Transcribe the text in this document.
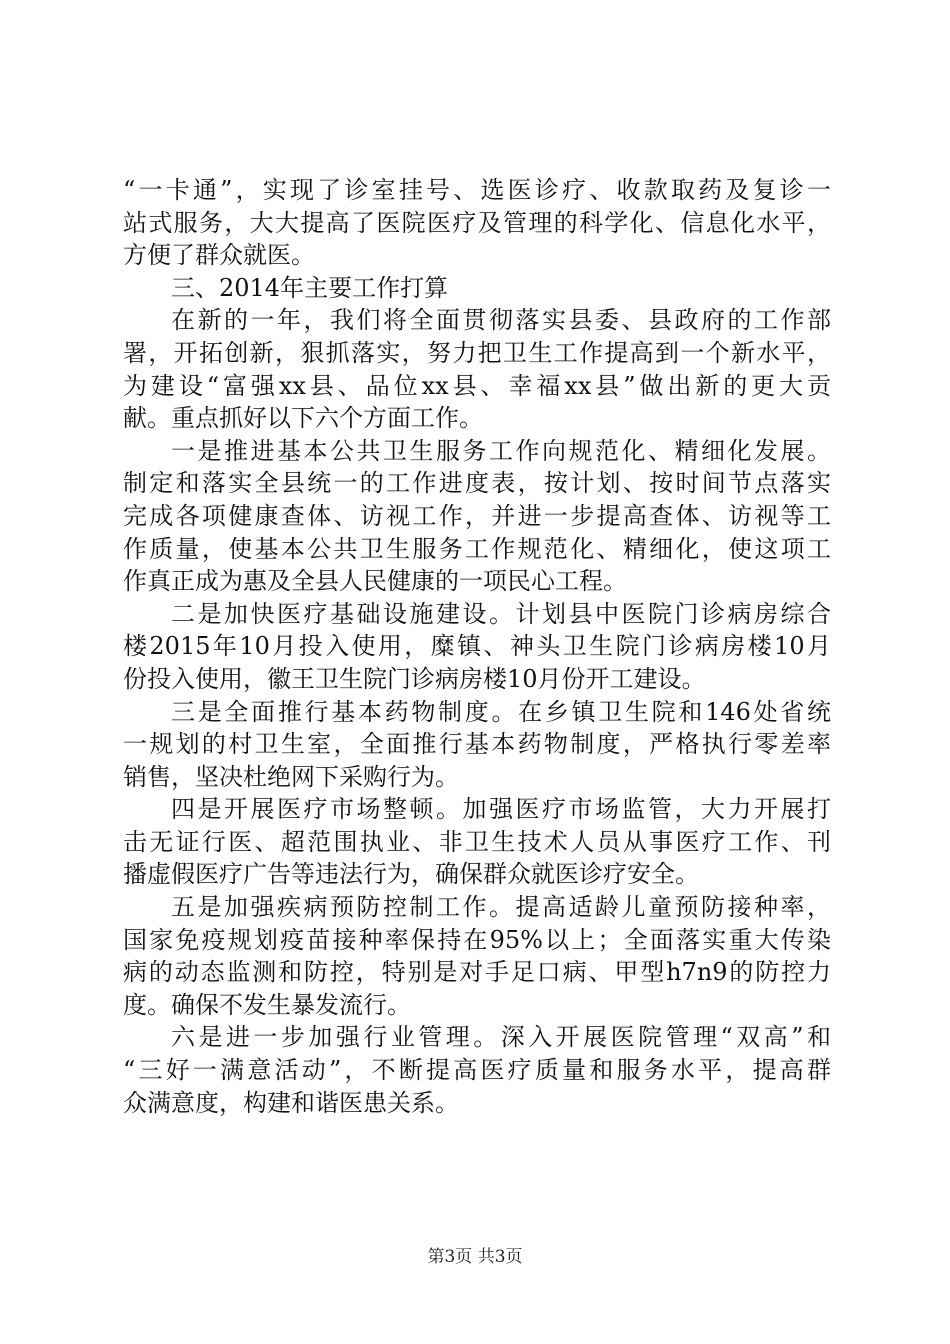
“一卡通”，实现了诊室挂号、选医诊疗、收款取药及复诊一
站式服务，大大提高了医院医疗及管理的科学化、信息化水平，
方便了群众就医。
三、2014年主要工作打算
在新的一年，我们将全面贯彻落实县委、县政府的工作部
署，开拓创新，狠抓落实，努力把卫生工作提高到一个新水平，
为建设“富强xx县、品位xx县、幸福xx县”做出新的更大贡
献。重点抓好以下六个方面工作。
一是推进基本公共卫生服务工作向规范化、精细化发展。
制定和落实全县统一的工作进度表，按计划、按时间节点落实
完成各项健康查体、访视工作，并进一步提高查体、访视等工
作质量，使基本公共卫生服务工作规范化、精细化，使这项工
作真正成为惠及全县人民健康的一项民心工程。
二是加快医疗基础设施建设。计划县中医院门诊病房综合
楼2015年10月投入使用，糜镇、神头卫生院门诊病房楼10月
份投入使用，徽王卫生院门诊病房楼10月份开工建设。
三是全面推行基本药物制度。在乡镇卫生院和146处省统
一规划的村卫生室，全面推行基本药物制度，严格执行零差率
销售，坚决杜绝网下采购行为。
四是开展医疗市场整顿。加强医疗市场监管，大力开展打
击无证行医、超范围执业、非卫生技术人员从事医疗工作、刊
播虚假医疗广告等违法行为，确保群众就医诊疗安全。
五是加强疾病预防控制工作。提高适龄儿童预防接种率，
国家免疫规划疫苗接种率保持在95%以上；全面落实重大传染
病的动态监测和防控，特别是对手足口病、甲型h7n9的防控力
度。确保不发生暴发流行。
六是进一步加强行业管理。深入开展医院管理“双高”和
“三好一满意活动”，不断提高医疗质量和服务水平，提高群
众满意度，构建和谐医患关系。
第3页 共3页
